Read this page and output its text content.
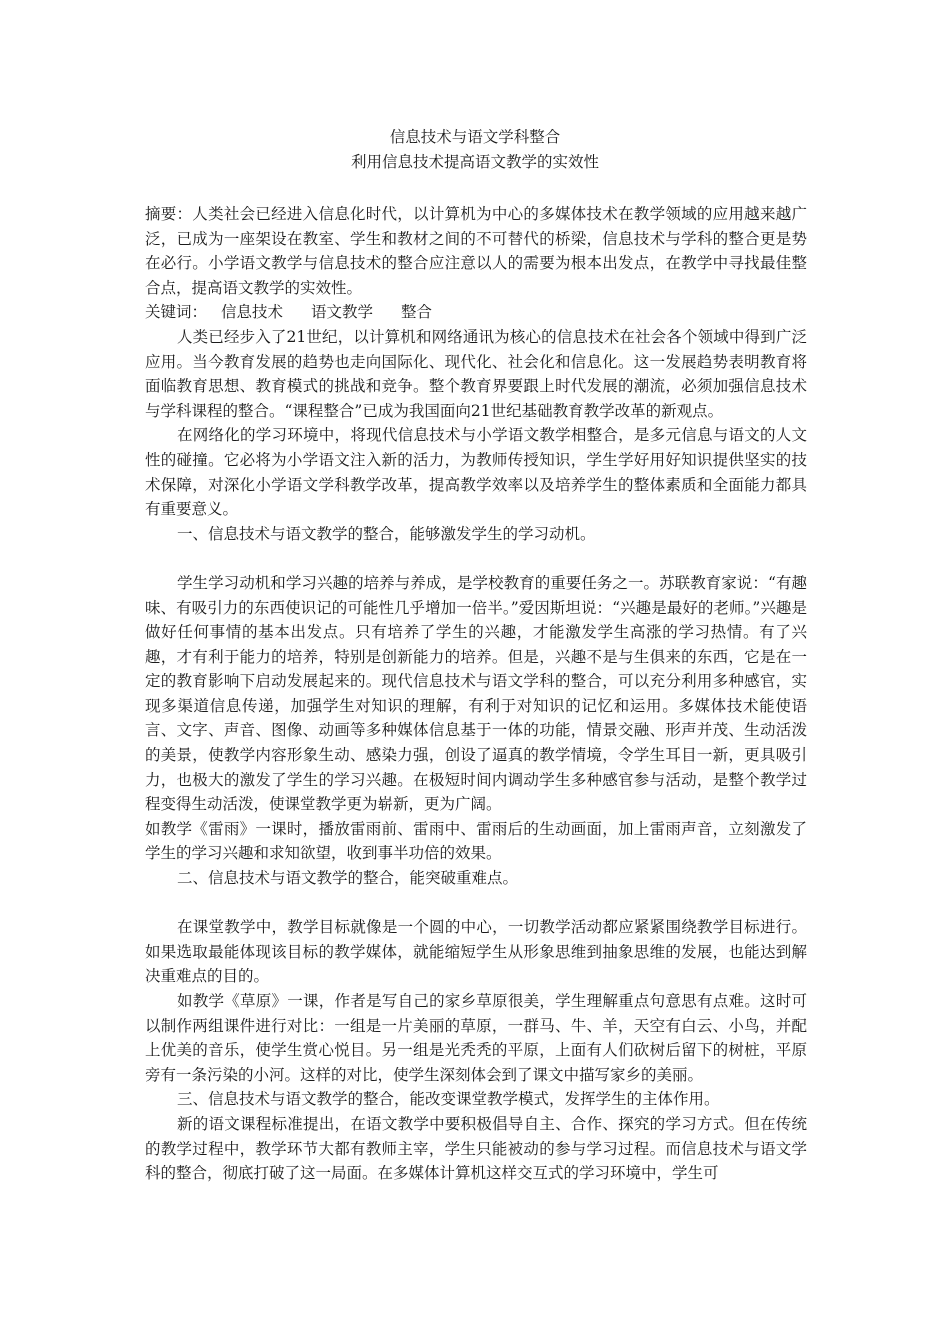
信息技术与语文学科整合
利用信息技术提高语文教学的实效性

摘要：人类社会已经进入信息化时代，以计算机为中心的多媒体技术在教学领域的应用越来越广泛，已成为一座架设在教室、学生和教材之间的不可替代的桥梁，信息技术与学科的整合更是势在必行。小学语文教学与信息技术的整合应注意以人的需要为根本出发点，在教学中寻找最佳整合点，提高语文教学的实效性。

关键词： 信息技术 语文教学 整合

人类已经步入了21世纪，以计算机和网络通讯为核心的信息技术在社会各个领域中得到广泛应用。当今教育发展的趋势也走向国际化、现代化、社会化和信息化。这一发展趋势表明教育将面临教育思想、教育模式的挑战和竞争。整个教育界要跟上时代发展的潮流，必须加强信息技术与学科课程的整合。“课程整合”已成为我国面向21世纪基础教育教学改革的新观点。

在网络化的学习环境中，将现代信息技术与小学语文教学相整合，是多元信息与语文的人文性的碰撞。它必将为小学语文注入新的活力，为教师传授知识，学生学好用好知识提供坚实的技术保障，对深化小学语文学科教学改革，提高教学效率以及培养学生的整体素质和全面能力都具有重要意义。

一、信息技术与语文教学的整合，能够激发学生的学习动机。

学生学习动机和学习兴趣的培养与养成，是学校教育的重要任务之一。苏联教育家说：“有趣味、有吸引力的东西使识记的可能性几乎增加一倍半。”爱因斯坦说：“兴趣是最好的老师。”兴趣是做好任何事情的基本出发点。只有培养了学生的兴趣，才能激发学生高涨的学习热情。有了兴趣，才有利于能力的培养，特别是创新能力的培养。但是，兴趣不是与生俱来的东西，它是在一定的教育影响下启动发展起来的。现代信息技术与语文学科的整合，可以充分利用多种感官，实现多渠道信息传递，加强学生对知识的理解，有利于对知识的记忆和运用。多媒体技术能使语言、文字、声音、图像、动画等多种媒体信息基于一体的功能，情景交融、形声并茂、生动活泼的美景，使教学内容形象生动、感染力强，创设了逼真的教学情境，令学生耳目一新，更具吸引力，也极大的激发了学生的学习兴趣。在极短时间内调动学生多种感官参与活动，是整个教学过程变得生动活泼，使课堂教学更为崭新，更为广阔。

如教学《雷雨》一课时，播放雷雨前、雷雨中、雷雨后的生动画面，加上雷雨声音，立刻激发了学生的学习兴趣和求知欲望，收到事半功倍的效果。

二、信息技术与语文教学的整合，能突破重难点。

在课堂教学中，教学目标就像是一个圆的中心，一切教学活动都应紧紧围绕教学目标进行。如果选取最能体现该目标的教学媒体，就能缩短学生从形象思维到抽象思维的发展，也能达到解决重难点的目的。

如教学《草原》一课，作者是写自己的家乡草原很美，学生理解重点句意思有点难。这时可以制作两组课件进行对比：一组是一片美丽的草原，一群马、牛、羊，天空有白云、小鸟，并配上优美的音乐，使学生赏心悦目。另一组是光秃秃的平原，上面有人们砍树后留下的树桩，平原旁有一条污染的小河。这样的对比，使学生深刻体会到了课文中描写家乡的美丽。

三、信息技术与语文教学的整合，能改变课堂教学模式，发挥学生的主体作用。

新的语文课程标准提出，在语文教学中要积极倡导自主、合作、探究的学习方式。但在传统的教学过程中，教学环节大都有教师主宰，学生只能被动的参与学习过程。而信息技术与语文学科的整合，彻底打破了这一局面。在多媒体计算机这样交互式的学习环境中，学生可
